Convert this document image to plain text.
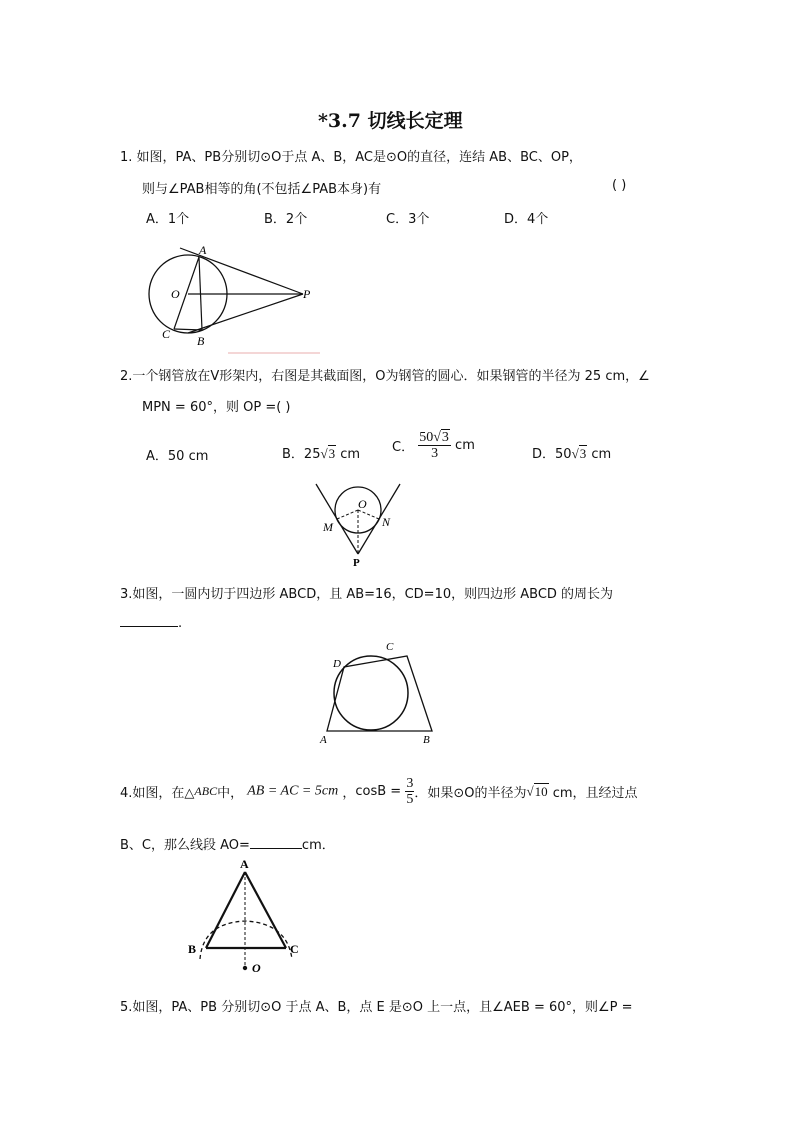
*3.7 切线长定理
1. 如图，PA、PB分别切⊙O于点 A、B，AC是⊙O的直径，连结 AB、BC、OP，
则与∠PAB相等的角(不包括∠PAB本身)有	( )
A．1个	B．2个	C．3个	D．4个
A
O	P
C B
2.一个钢管放在V形架内，右图是其截面图，O为钢管的圆心．如果钢管的半径为 25 cm，∠
MPN = 60°，则 OP =( )
A．50 cm	B．25√3 cm C． $\frac{50√3}{3}$ cm
D．50√3 cm
O
M	N
P
3.如图，一圆内切于四边形 ABCD，且 AB=16，CD=10，则四边形 ABCD 的周长为
.
A	B
C
D
4.如图，在△ABC中， AB = AC = 5cm ，$\cos B = \frac{3}{5}$ ．如果⊙O的半径为√10 cm，且经过点
B、C，那么线段 AO=	cm．
A
B	C
O
5.如图，PA、PB 分别切⊙O 于点 A、B，点 E 是⊙O 上一点，且∠AEB = 60°，则∠P =
